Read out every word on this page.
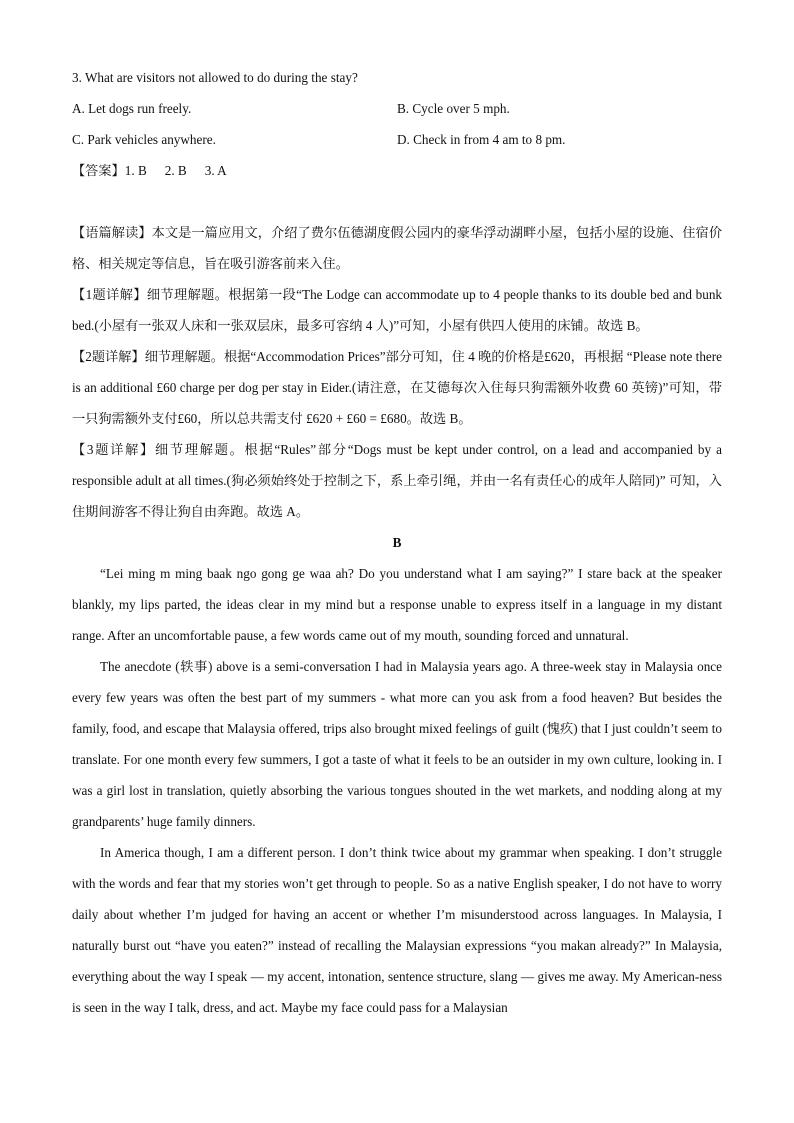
3. What are visitors not allowed to do during the stay?
A. Let dogs run freely.	B. Cycle over 5 mph.
C. Park vehicles anywhere.	D. Check in from 4 am to 8 pm.
【答案】1. B 2. B 3. A

【语篇解读】本文是一篇应用文，介绍了费尔伍德湖度假公园内的豪华浮动湖畔小屋，包括小屋的设施、住宿价格、相关规定等信息，旨在吸引游客前来入住。

【1题详解】细节理解题。根据第一段“The Lodge can accommodate up to 4 people thanks to its double bed and bunk bed.(小屋有一张双人床和一张双层床，最多可容纳 4 人)”可知，小屋有供四人使用的床铺。故选 B。

【2题详解】细节理解题。根据“Accommodation Prices”部分可知，住 4 晚的价格是£620，再根据 “Please note there is an additional £60 charge per dog per stay in Eider.(请注意，在艾德每次入住每只狗需额外收费 60 英镑)”可知，带一只狗需额外支付£60，所以总共需支付 £620 + £60 = £680。故选 B。

【3题详解】细节理解题。根据“Rules”部分“Dogs must be kept under control, on a lead and accompanied by a responsible adult at all times.(狗必须始终处于控制之下，系上牵引绳，并由一名有责任心的成年人陪同)” 可知，入住期间游客不得让狗自由奔跑。故选 A。

B

“Lei ming m ming baak ngo gong ge waa ah? Do you understand what I am saying?” I stare back at the speaker blankly, my lips parted, the ideas clear in my mind but a response unable to express itself in a language in my distant range. After an uncomfortable pause, a few words came out of my mouth, sounding forced and unnatural.

The anecdote (轶事) above is a semi-conversation I had in Malaysia years ago. A three-week stay in Malaysia once every few years was often the best part of my summers - what more can you ask from a food heaven? But besides the family, food, and escape that Malaysia offered, trips also brought mixed feelings of guilt (愧疚) that I just couldn’t seem to translate. For one month every few summers, I got a taste of what it feels to be an outsider in my own culture, looking in. I was a girl lost in translation, quietly absorbing the various tongues shouted in the wet markets, and nodding along at my grandparents’ huge family dinners.

In America though, I am a different person. I don’t think twice about my grammar when speaking. I don’t struggle with the words and fear that my stories won’t get through to people. So as a native English speaker, I do not have to worry daily about whether I’m judged for having an accent or whether I’m misunderstood across languages. In Malaysia, I naturally burst out “have you eaten?” instead of recalling the Malaysian expressions “you makan already?” In Malaysia, everything about the way I speak — my accent, intonation, sentence structure, slang — gives me away. My American-ness is seen in the way I talk, dress, and act. Maybe my face could pass for a Malaysian
